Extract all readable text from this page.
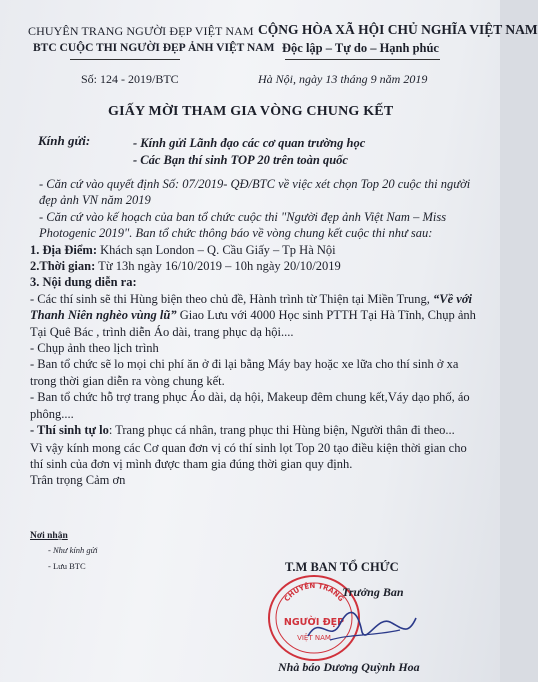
CHUYÊN TRANG NGƯỜI ĐẸP VIỆT NAM
BTC CUỘC THI NGƯỜI ĐẸP ẢNH VIỆT NAM
CỘNG HÒA XÃ HỘI CHỦ NGHĨA VIỆT NAM
Độc lập – Tự do – Hạnh phúc
Số: 124 - 2019/BTC	Hà Nội, ngày 13 tháng 9 năm 2019
GIẤY MỜI THAM GIA VÒNG CHUNG KẾT
Kính gửi:	- Kính gửi Lãnh đạo các cơ quan trường học
- Các Bạn thí sinh TOP 20 trên toàn quốc

- Căn cứ vào quyết định Số: 07/2019- QĐ/BTC về việc xét chọn Top 20 cuộc thi người đẹp ảnh VN năm 2019

- Căn cứ vào kế hoạch của ban tổ chức cuộc thi "Người đẹp ảnh Việt Nam – Miss Photogenic 2019". Ban tổ chức thông báo về vòng chung kết cuộc thi như sau:

1. Địa Điểm: Khách sạn London – Q. Cầu Giấy – Tp Hà Nội

2.Thời gian: Từ 13h ngày 16/10/2019 – 10h ngày 20/10/2019

3. Nội dung diễn ra:

- Các thí sinh sẽ thi Hùng biện theo chủ đề, Hành trình từ Thiện tại Miền Trung, “Về với Thanh Niên nghèo vùng lũ” Giao Lưu với 4000 Học sinh PTTH Tại Hà Tĩnh, Chụp ảnh Tại Quê Bác , trình diễn Áo dài, trang phục dạ hội....

- Chụp ảnh theo lịch trình

- Ban tổ chức sẽ lo mọi chi phí ăn ở đi lại bằng Máy bay hoặc xe lữa cho thí sinh ở xa trong thời gian diễn ra vòng chung kết.

- Ban tổ chức hỗ trợ trang phục Áo dài, dạ hội, Makeup đêm chung kết,Váy dạo phố, áo phông....

- Thí sinh tự lo: Trang phục cá nhân, trang phục thi Hùng biện, Người thân đi theo...

Vì vậy kính mong các Cơ quan đơn vị có thí sinh lọt Top 20 tạo điều kiện thời gian cho thí sinh của đơn vị mình được tham gia đúng thời gian quy định.

Trân trọng Cảm ơn

Nơi nhận
- Như kính gửi
- Lưu BTC	T.M BAN TỔ CHỨC
CHUYÊN TRANG
NGƯỜI ĐẸP
VIỆT NAM
Trưởng Ban
Nhà báo Dương Quỳnh Hoa
